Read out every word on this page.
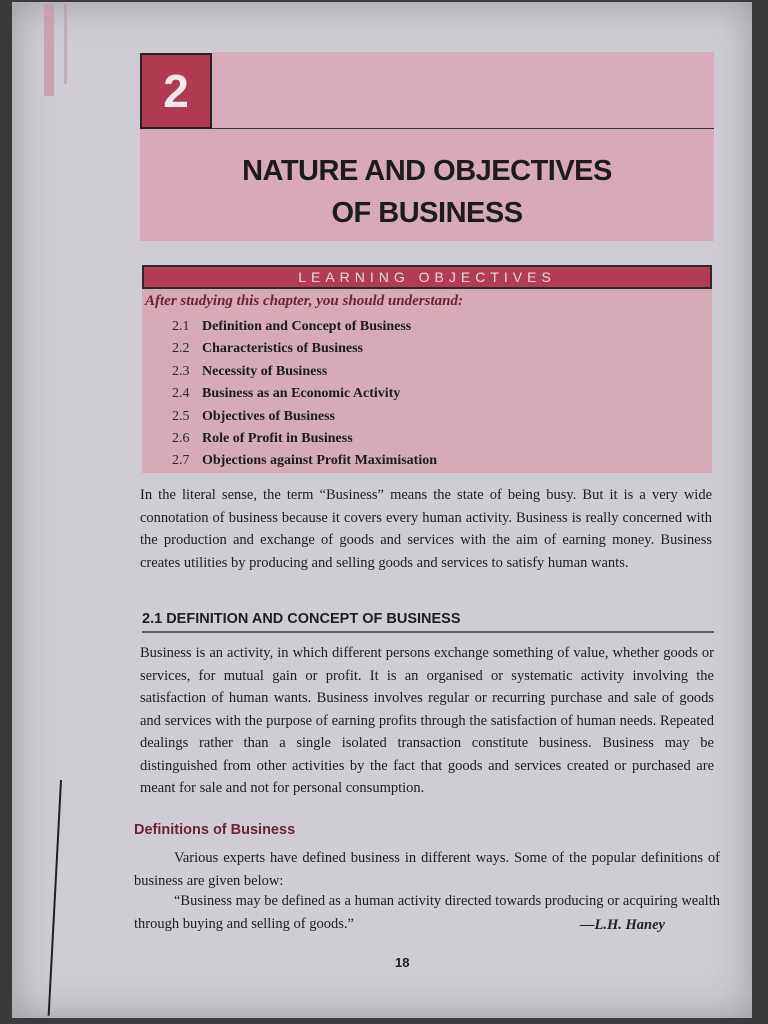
2
NATURE AND OBJECTIVES
OF BUSINESS
LEARNING OBJECTIVES
After studying this chapter, you should understand:
2.1 Definition and Concept of Business
2.2 Characteristics of Business
2.3 Necessity of Business
2.4 Business as an Economic Activity
2.5 Objectives of Business
2.6 Role of Profit in Business
2.7 Objections against Profit Maximisation

In the literal sense, the term “Business” means the state of being busy. But it is a very wide connotation of business because it covers every human activity. Business is really concerned with the production and exchange of goods and services with the aim of earning money. Business creates utilities by producing and selling goods and services to satisfy human wants.

2.1 DEFINITION AND CONCEPT OF BUSINESS

Business is an activity, in which different persons exchange something of value, whether goods or services, for mutual gain or profit. It is an organised or systematic activity involving the satisfaction of human wants. Business involves regular or recurring purchase and sale of goods and services with the purpose of earning profits through the satisfaction of human needs. Repeated dealings rather than a single isolated transaction constitute business. Business may be distinguished from other activities by the fact that goods and services created or purchased are meant for sale and not for personal consumption.

Definitions of Business

Various experts have defined business in different ways. Some of the popular definitions of business are given below:

“Business may be defined as a human activity directed towards producing or acquiring wealth through buying and selling of goods.”	—L.H. Haney
18
